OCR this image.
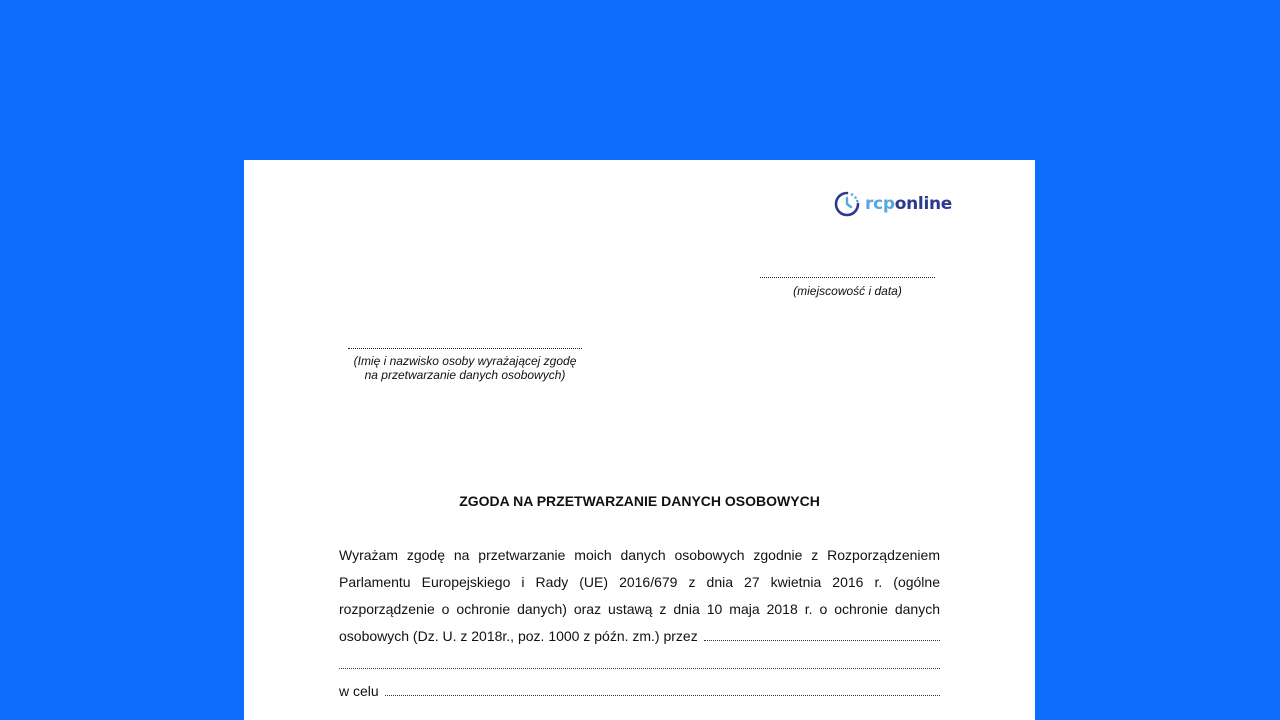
rcponline
(miejscowość i data)
(Imię i nazwisko osoby wyrażającej zgodę
na przetwarzanie danych osobowych)
ZGODA NA PRZETWARZANIE DANYCH OSOBOWYCH
Wyrażam zgodę na przetwarzanie moich danych osobowych zgodnie z Rozporządzeniem
Parlamentu Europejskiego i Rady (UE) 2016/679 z dnia 27 kwietnia 2016 r. (ogólne
rozporządzenie o ochronie danych) oraz ustawą z dnia 10 maja 2018 r. o ochronie danych
osobowych (Dz. U. z 2018r., poz. 1000 z późn. zm.) przez
w celu
